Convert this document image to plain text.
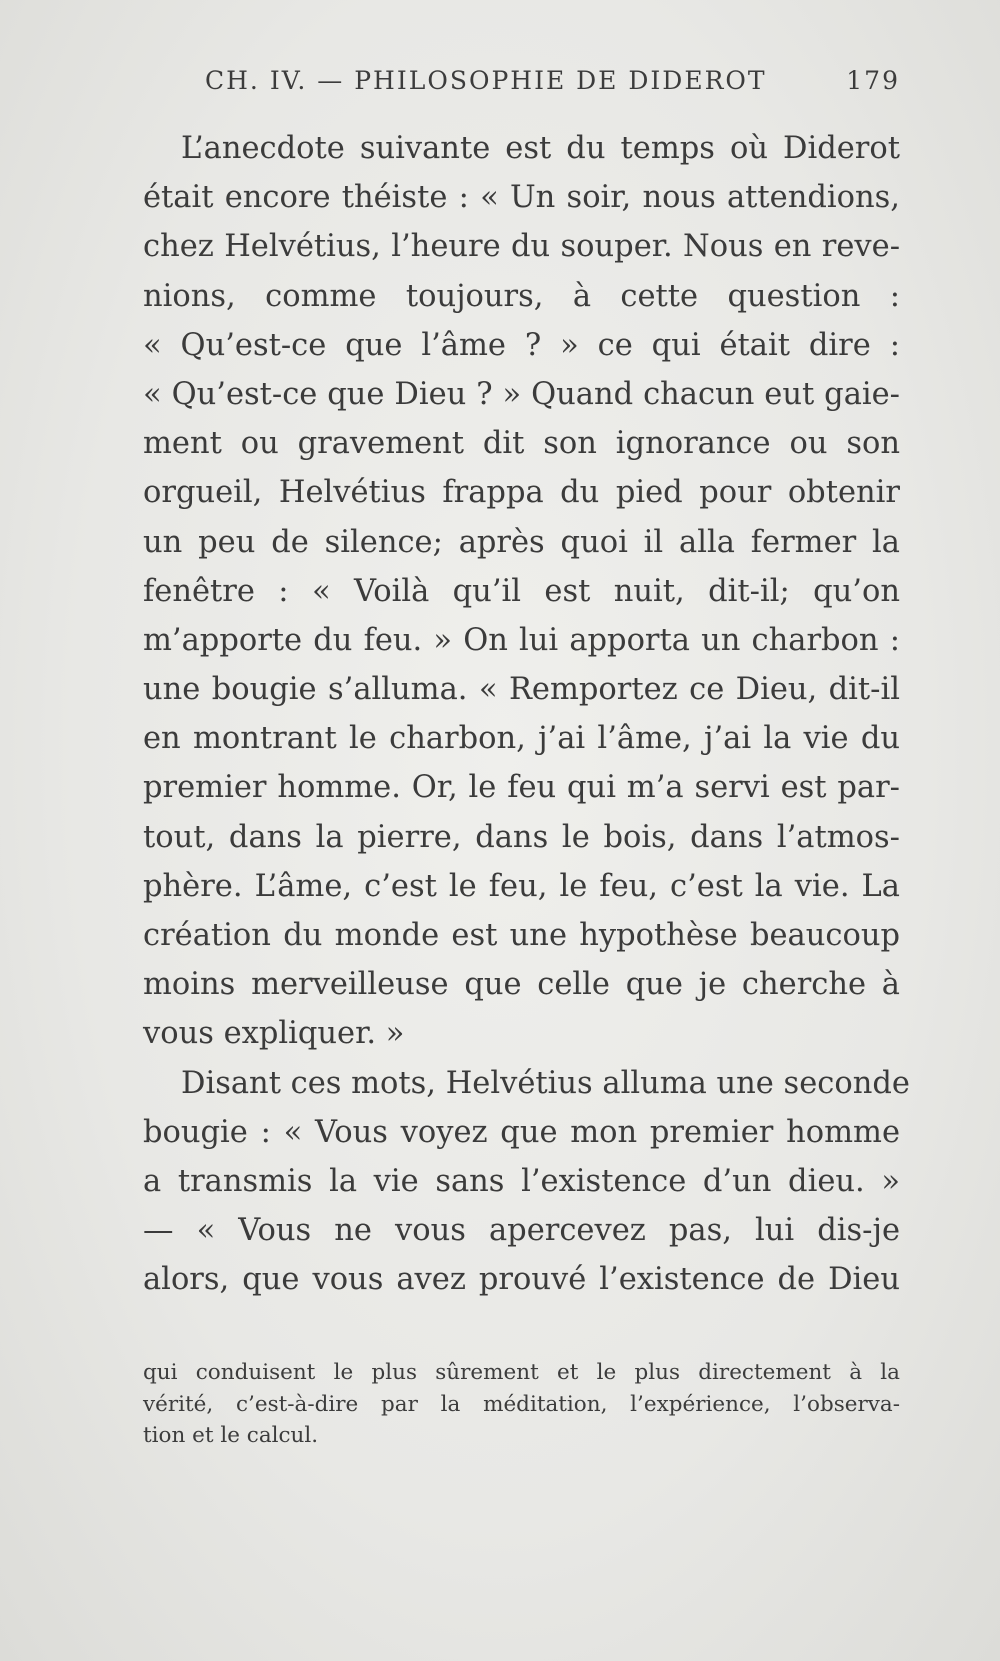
CH. IV. — PHILOSOPHIE DE DIDEROT	179
L’anecdote suivante est du temps où Diderot
était encore théiste : « Un soir, nous attendions,
chez Helvétius, l’heure du souper. Nous en reve-
nions, comme toujours, à cette question :
« Qu’est-ce que l’âme ? » ce qui était dire :
« Qu’est-ce que Dieu ? » Quand chacun eut gaie-
ment ou gravement dit son ignorance ou son
orgueil, Helvétius frappa du pied pour obtenir
un peu de silence; après quoi il alla fermer la
fenêtre : « Voilà qu’il est nuit, dit-il; qu’on
m’apporte du feu. » On lui apporta un charbon :
une bougie s’alluma. « Remportez ce Dieu, dit-il
en montrant le charbon, j’ai l’âme, j’ai la vie du
premier homme. Or, le feu qui m’a servi est par-
tout, dans la pierre, dans le bois, dans l’atmos-
phère. L’âme, c’est le feu, le feu, c’est la vie. La
création du monde est une hypothèse beaucoup
moins merveilleuse que celle que je cherche à
vous expliquer. »
Disant ces mots, Helvétius alluma une seconde
bougie : « Vous voyez que mon premier homme
a transmis la vie sans l’existence d’un dieu. »
— « Vous ne vous apercevez pas, lui dis-je
alors, que vous avez prouvé l’existence de Dieu
qui conduisent le plus sûrement et le plus directement à la
vérité, c’est-à-dire par la méditation, l’expérience, l’observa-
tion et le calcul.
